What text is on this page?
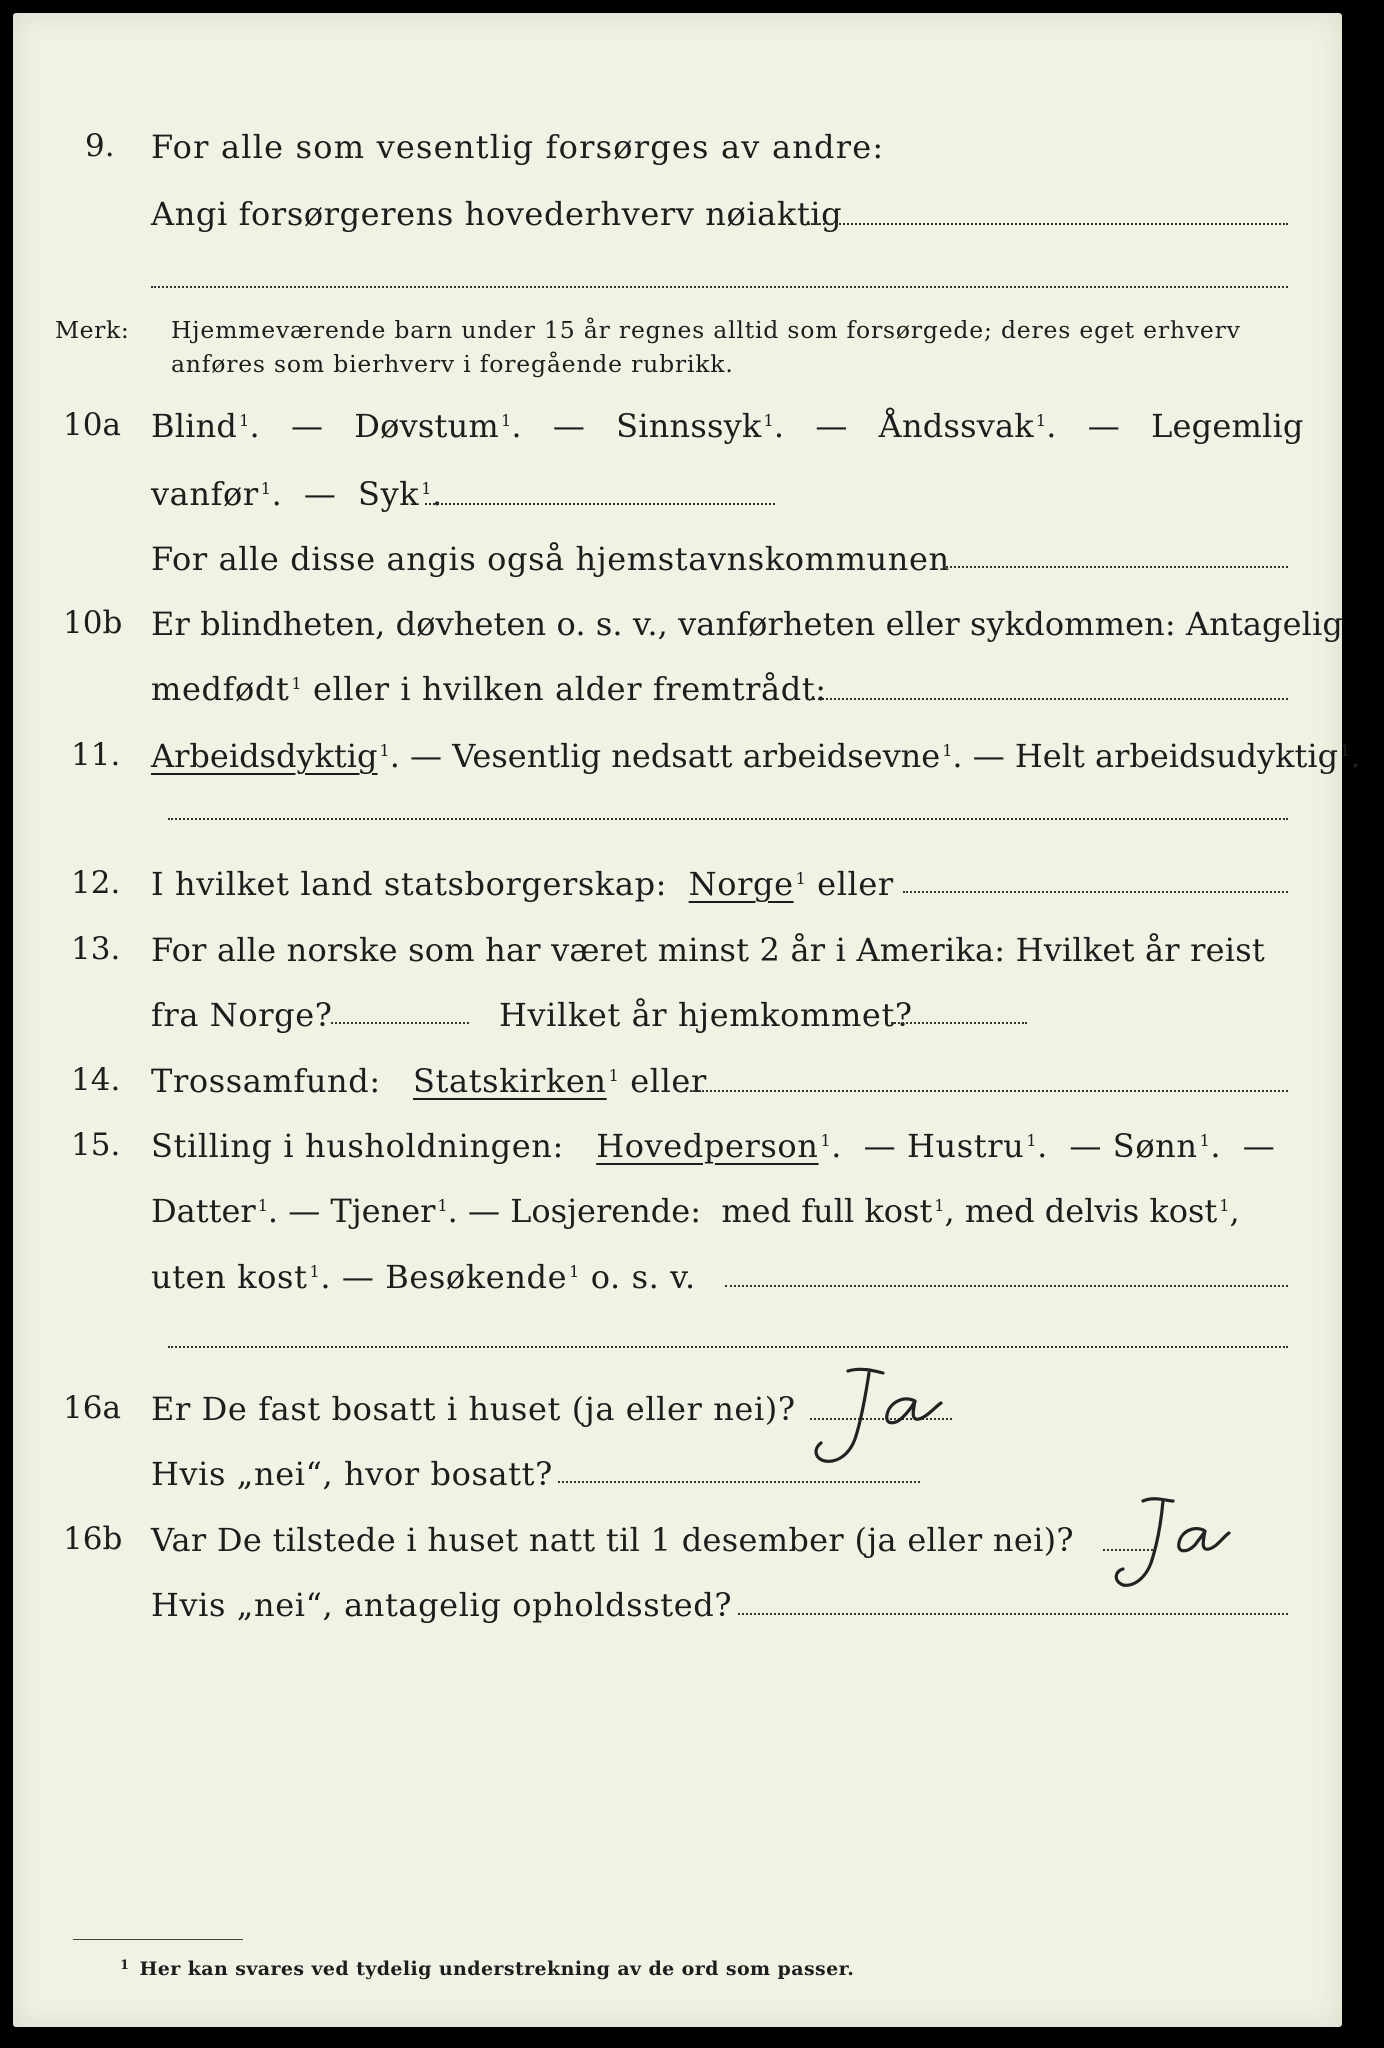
9. For alle som vesentlig forsørges av andre:
Angi forsørgerens hovederhverv nøiaktig
Merk: Hjemmeværende barn under 15 år regnes alltid som forsørgede; deres eget erhverv
anføres som bierhverv i foregående rubrikk.
10a Blind $^1$. — Døvstum $^1$. — Sinnssyk $^1$. — Åndssvak $^1$. — Legemlig
vanfør $^1$. — Syk $^1$.
For alle disse angis også hjemstavnskommunen
10b Er blindheten, døvheten o. s. v., vanførheten eller sykdommen: Antagelig
medfødt $^1$ eller i hvilken alder fremtrådt:
11. Arbeidsdyktig $^1$. — Vesentlig nedsatt arbeidsevne $^1$. — Helt arbeidsudyktig $^1$.
12. I hvilket land statsborgerskap: Norge $^1$ eller
13. For alle norske som har været minst 2 år i Amerika: Hvilket år reist
fra Norge?	Hvilket år hjemkommet?
14. Trossamfund: Statskirken $^1$ eller
15. Stilling i husholdningen: Hovedperson $^1$. — Hustru $^1$. — Sønn $^1$. —
Datter $^1$. — Tjener $^1$. — Losjerende: med full kost $^1$, med delvis kost $^1$,
uten kost $^1$. — Besøkende $^1$ o. s. v.
16a Er De fast bosatt i huset (ja eller nei)?
Hvis „nei“, hvor bosatt?
16b Var De tilstede i huset natt til 1 desember (ja eller nei)?
Hvis „nei“, antagelig opholdssted?
$^1$ Her kan svares ved tydelig understrekning av de ord som passer.
